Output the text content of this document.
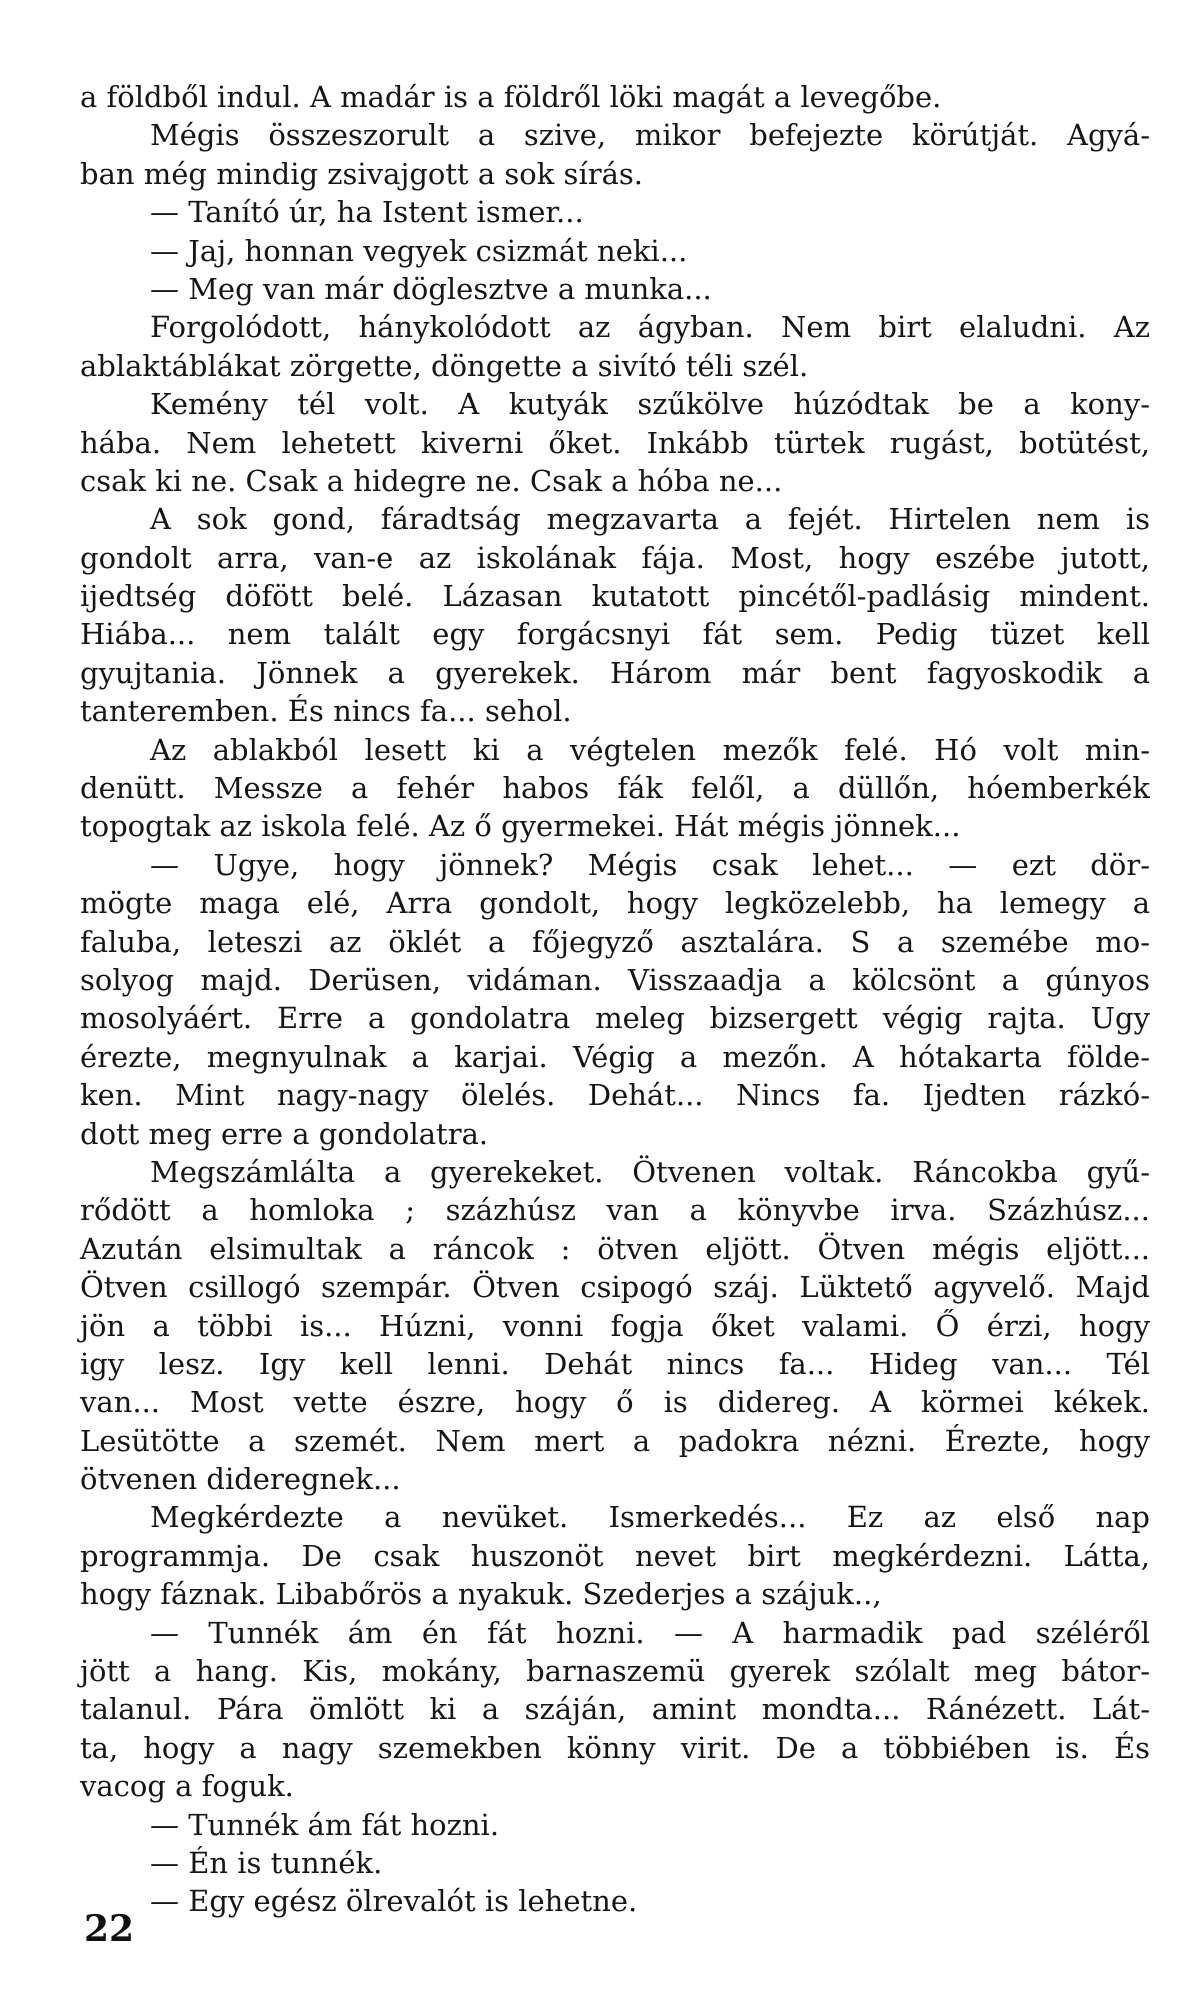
a földből indul. A madár is a földről löki magát a levegőbe.
Mégis összeszorult a szive, mikor befejezte körútját. Agyá-
ban még mindig zsivajgott a sok sírás.
— Tanító úr, ha Istent ismer...
— Jaj, honnan vegyek csizmát neki...
— Meg van már döglesztve a munka...
Forgolódott, hánykolódott az ágyban. Nem birt elaludni. Az
ablaktáblákat zörgette, döngette a sivító téli szél.
Kemény tél volt. A kutyák szűkölve húzódtak be a kony-
hába. Nem lehetett kiverni őket. Inkább türtek rugást, botütést,
csak ki ne. Csak a hidegre ne. Csak a hóba ne...
A sok gond, fáradtság megzavarta a fejét. Hirtelen nem is
gondolt arra, van-e az iskolának fája. Most, hogy eszébe jutott,
ijedtség döfött belé. Lázasan kutatott pincétől-padlásig mindent.
Hiába... nem talált egy forgácsnyi fát sem. Pedig tüzet kell
gyujtania. Jönnek a gyerekek. Három már bent fagyoskodik a
tanteremben. És nincs fa... sehol.
Az ablakból lesett ki a végtelen mezők felé. Hó volt min-
denütt. Messze a fehér habos fák felől, a düllőn, hóemberkék
topogtak az iskola felé. Az ő gyermekei. Hát mégis jönnek...
— Ugye, hogy jönnek? Mégis csak lehet... — ezt dör-
mögte maga elé, Arra gondolt, hogy legközelebb, ha lemegy a
faluba, leteszi az öklét a főjegyző asztalára. S a szemébe mo-
solyog majd. Derüsen, vidáman. Visszaadja a kölcsönt a gúnyos
mosolyáért. Erre a gondolatra meleg bizsergett végig rajta. Ugy
érezte, megnyulnak a karjai. Végig a mezőn. A hótakarta földe-
ken. Mint nagy-nagy ölelés. Dehát... Nincs fa. Ijedten rázkó-
dott meg erre a gondolatra.
Megszámlálta a gyerekeket. Ötvenen voltak. Ráncokba gyű-
rődött a homloka ; százhúsz van a könyvbe irva. Százhúsz...
Azután elsimultak a ráncok : ötven eljött. Ötven mégis eljött...
Ötven csillogó szempár. Ötven csipogó száj. Lüktető agyvelő. Majd
jön a többi is... Húzni, vonni fogja őket valami. Ő érzi, hogy
igy lesz. Igy kell lenni. Dehát nincs fa... Hideg van... Tél
van... Most vette észre, hogy ő is didereg. A körmei kékek.
Lesütötte a szemét. Nem mert a padokra nézni. Érezte, hogy
ötvenen dideregnek...
Megkérdezte a nevüket. Ismerkedés... Ez az első nap
programmja. De csak huszonöt nevet birt megkérdezni. Látta,
hogy fáznak. Libabőrös a nyakuk. Szederjes a szájuk..,
— Tunnék ám én fát hozni. — A harmadik pad széléről
jött a hang. Kis, mokány, barnaszemü gyerek szólalt meg bátor-
talanul. Pára ömlött ki a száján, amint mondta... Ránézett. Lát-
ta, hogy a nagy szemekben könny virit. De a többiében is. És
vacog a foguk.
— Tunnék ám fát hozni.
— Én is tunnék.
— Egy egész ölrevalót is lehetne.
22
